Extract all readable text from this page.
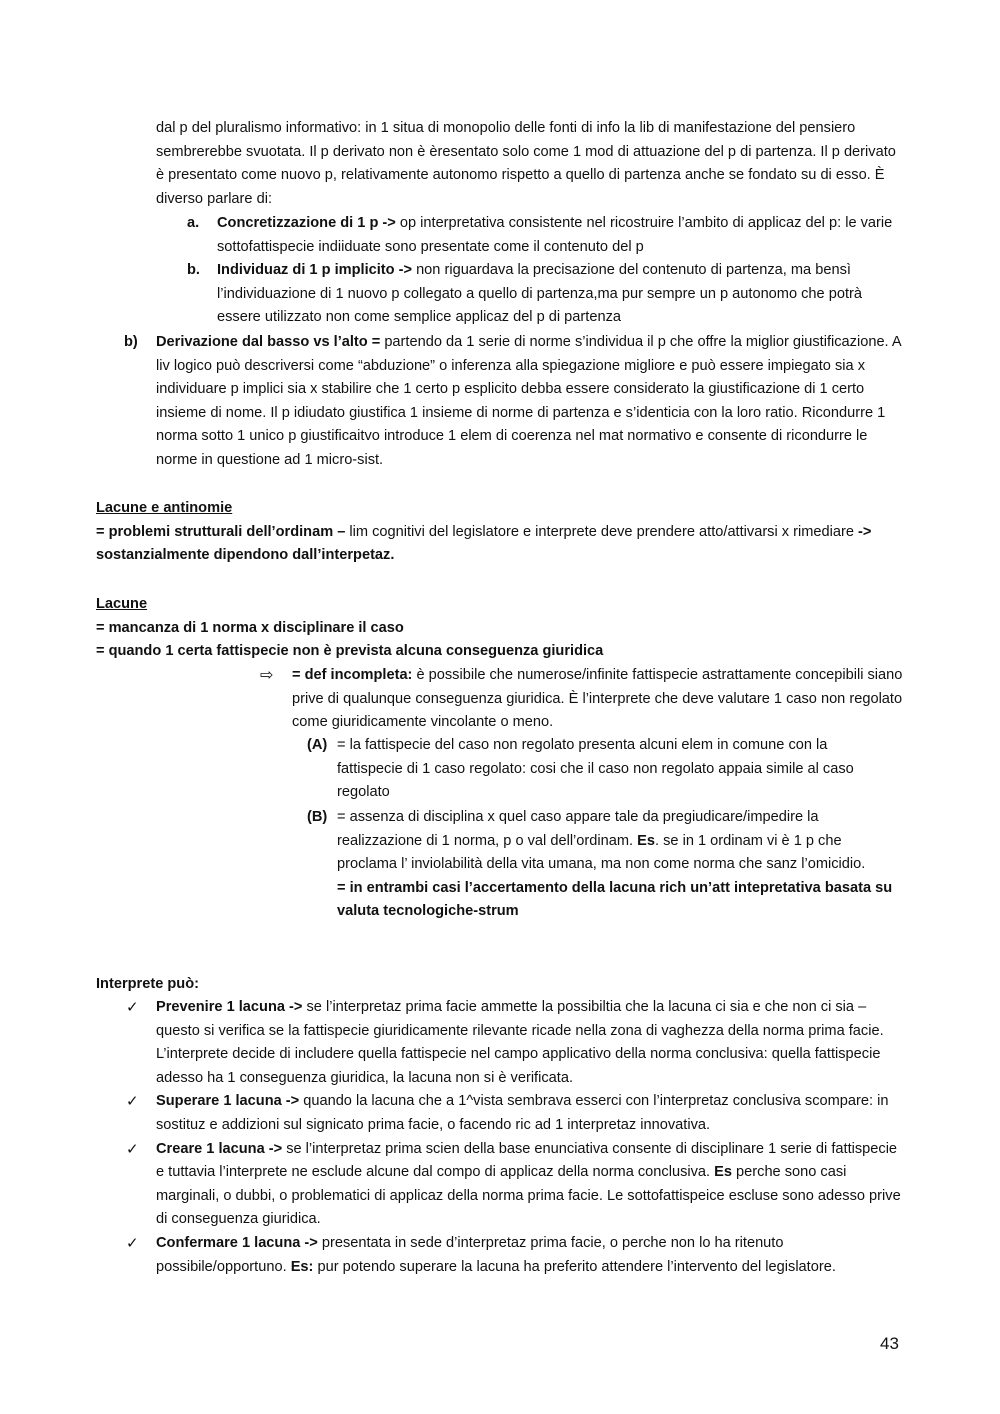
dal p del pluralismo informativo: in 1 situa di monopolio delle fonti di info la lib di manifestazione del pensiero sembrerebbe svuotata. Il p derivato non è èresentato solo come 1 mod di attuazione del p di partenza. Il p derivato è presentato come nuovo p, relativamente autonomo rispetto a quello di partenza anche se fondato su di esso. È diverso parlare di:

a. Concretizzazione di 1 p -> op interpretativa consistente nel ricostruire l’ambito di applicaz del p: le varie sottofattispecie indiiduate sono presentate come il contenuto del p

b. Individuaz di 1 p implicito -> non riguardava la precisazione del contenuto di partenza, ma bensì l’individuazione di 1 nuovo p collegato a quello di partenza,ma pur sempre un p autonomo che potrà essere utilizzato non come semplice applicaz del p di partenza

b) Derivazione dal basso vs l’alto = partendo da 1 serie di norme s’individua il p che offre la miglior giustificazione. A liv logico può descriversi come “abduzione” o inferenza alla spiegazione migliore e può essere impiegato sia x individuare p implici sia x stabilire che 1 certo p esplicito debba essere considerato la giustificazione di 1 certo insieme di nome. Il p idiudato giustifica 1 insieme di norme di partenza e s’identicia con la loro ratio. Ricondurre 1 norma sotto 1 unico p giustificaitvo introduce 1 elem di coerenza nel mat normativo e consente di ricondurre le norme in questione ad 1 micro-sist.

Lacune e antinomie

= problemi strutturali dell’ordinam – lim cognitivi del legislatore e interprete deve prendere atto/attivarsi x rimediare -> sostanzialmente dipendono dall’interpetaz.

Lacune

= mancanza di 1 norma x disciplinare il caso

= quando 1 certa fattispecie non è prevista alcuna conseguenza giuridica

⇨ = def incompleta: è possibile che numerose/infinite fattispecie astrattamente concepibili siano prive di qualunque conseguenza giuridica. È l’interprete che deve valutare 1 caso non regolato come giuridicamente vincolante o meno.

(A) = la fattispecie del caso non regolato presenta alcuni elem in comune con la fattispecie di 1 caso regolato: cosi che il caso non regolato appaia simile al caso regolato

(B) = assenza di disciplina x quel caso appare tale da pregiudicare/impedire la realizzazione di 1 norma, p o val dell’ordinam. Es. se in 1 ordinam vi è 1 p che proclama l’ inviolabilità della vita umana, ma non come norma che sanz l’omicidio.

= in entrambi casi l’accertamento della lacuna rich un’att intepretativa basata su valuta tecnologiche-strum

Interprete può:

✓ Prevenire 1 lacuna -> se l’interpretaz prima facie ammette la possibiltia che la lacuna ci sia e che non ci sia – questo si verifica se la fattispecie giuridicamente rilevante ricade nella zona di vaghezza della norma prima facie. L’interprete decide di includere quella fattispecie nel campo applicativo della norma conclusiva: quella fattispecie adesso ha 1 conseguenza giuridica, la lacuna non si è verificata.

✓ Superare 1 lacuna -> quando la lacuna che a 1^vista sembrava esserci con l’interpretaz conclusiva scompare: in sostituz e addizioni sul signicato prima facie, o facendo ric ad 1 interpretaz innovativa.

✓ Creare 1 lacuna -> se l’interpretaz prima scien della base enunciativa consente di disciplinare 1 serie di fattispecie e tuttavia l’interprete ne esclude alcune dal compo di applicaz della norma conclusiva. Es perche sono casi marginali, o dubbi, o problematici di applicaz della norma prima facie. Le sottofattispeice escluse sono adesso prive di conseguenza giuridica.

✓ Confermare 1 lacuna -> presentata in sede d’interpretaz prima facie, o perche non lo ha ritenuto possibile/opportuno. Es: pur potendo superare la lacuna ha preferito attendere l’intervento del legislatore.

43
